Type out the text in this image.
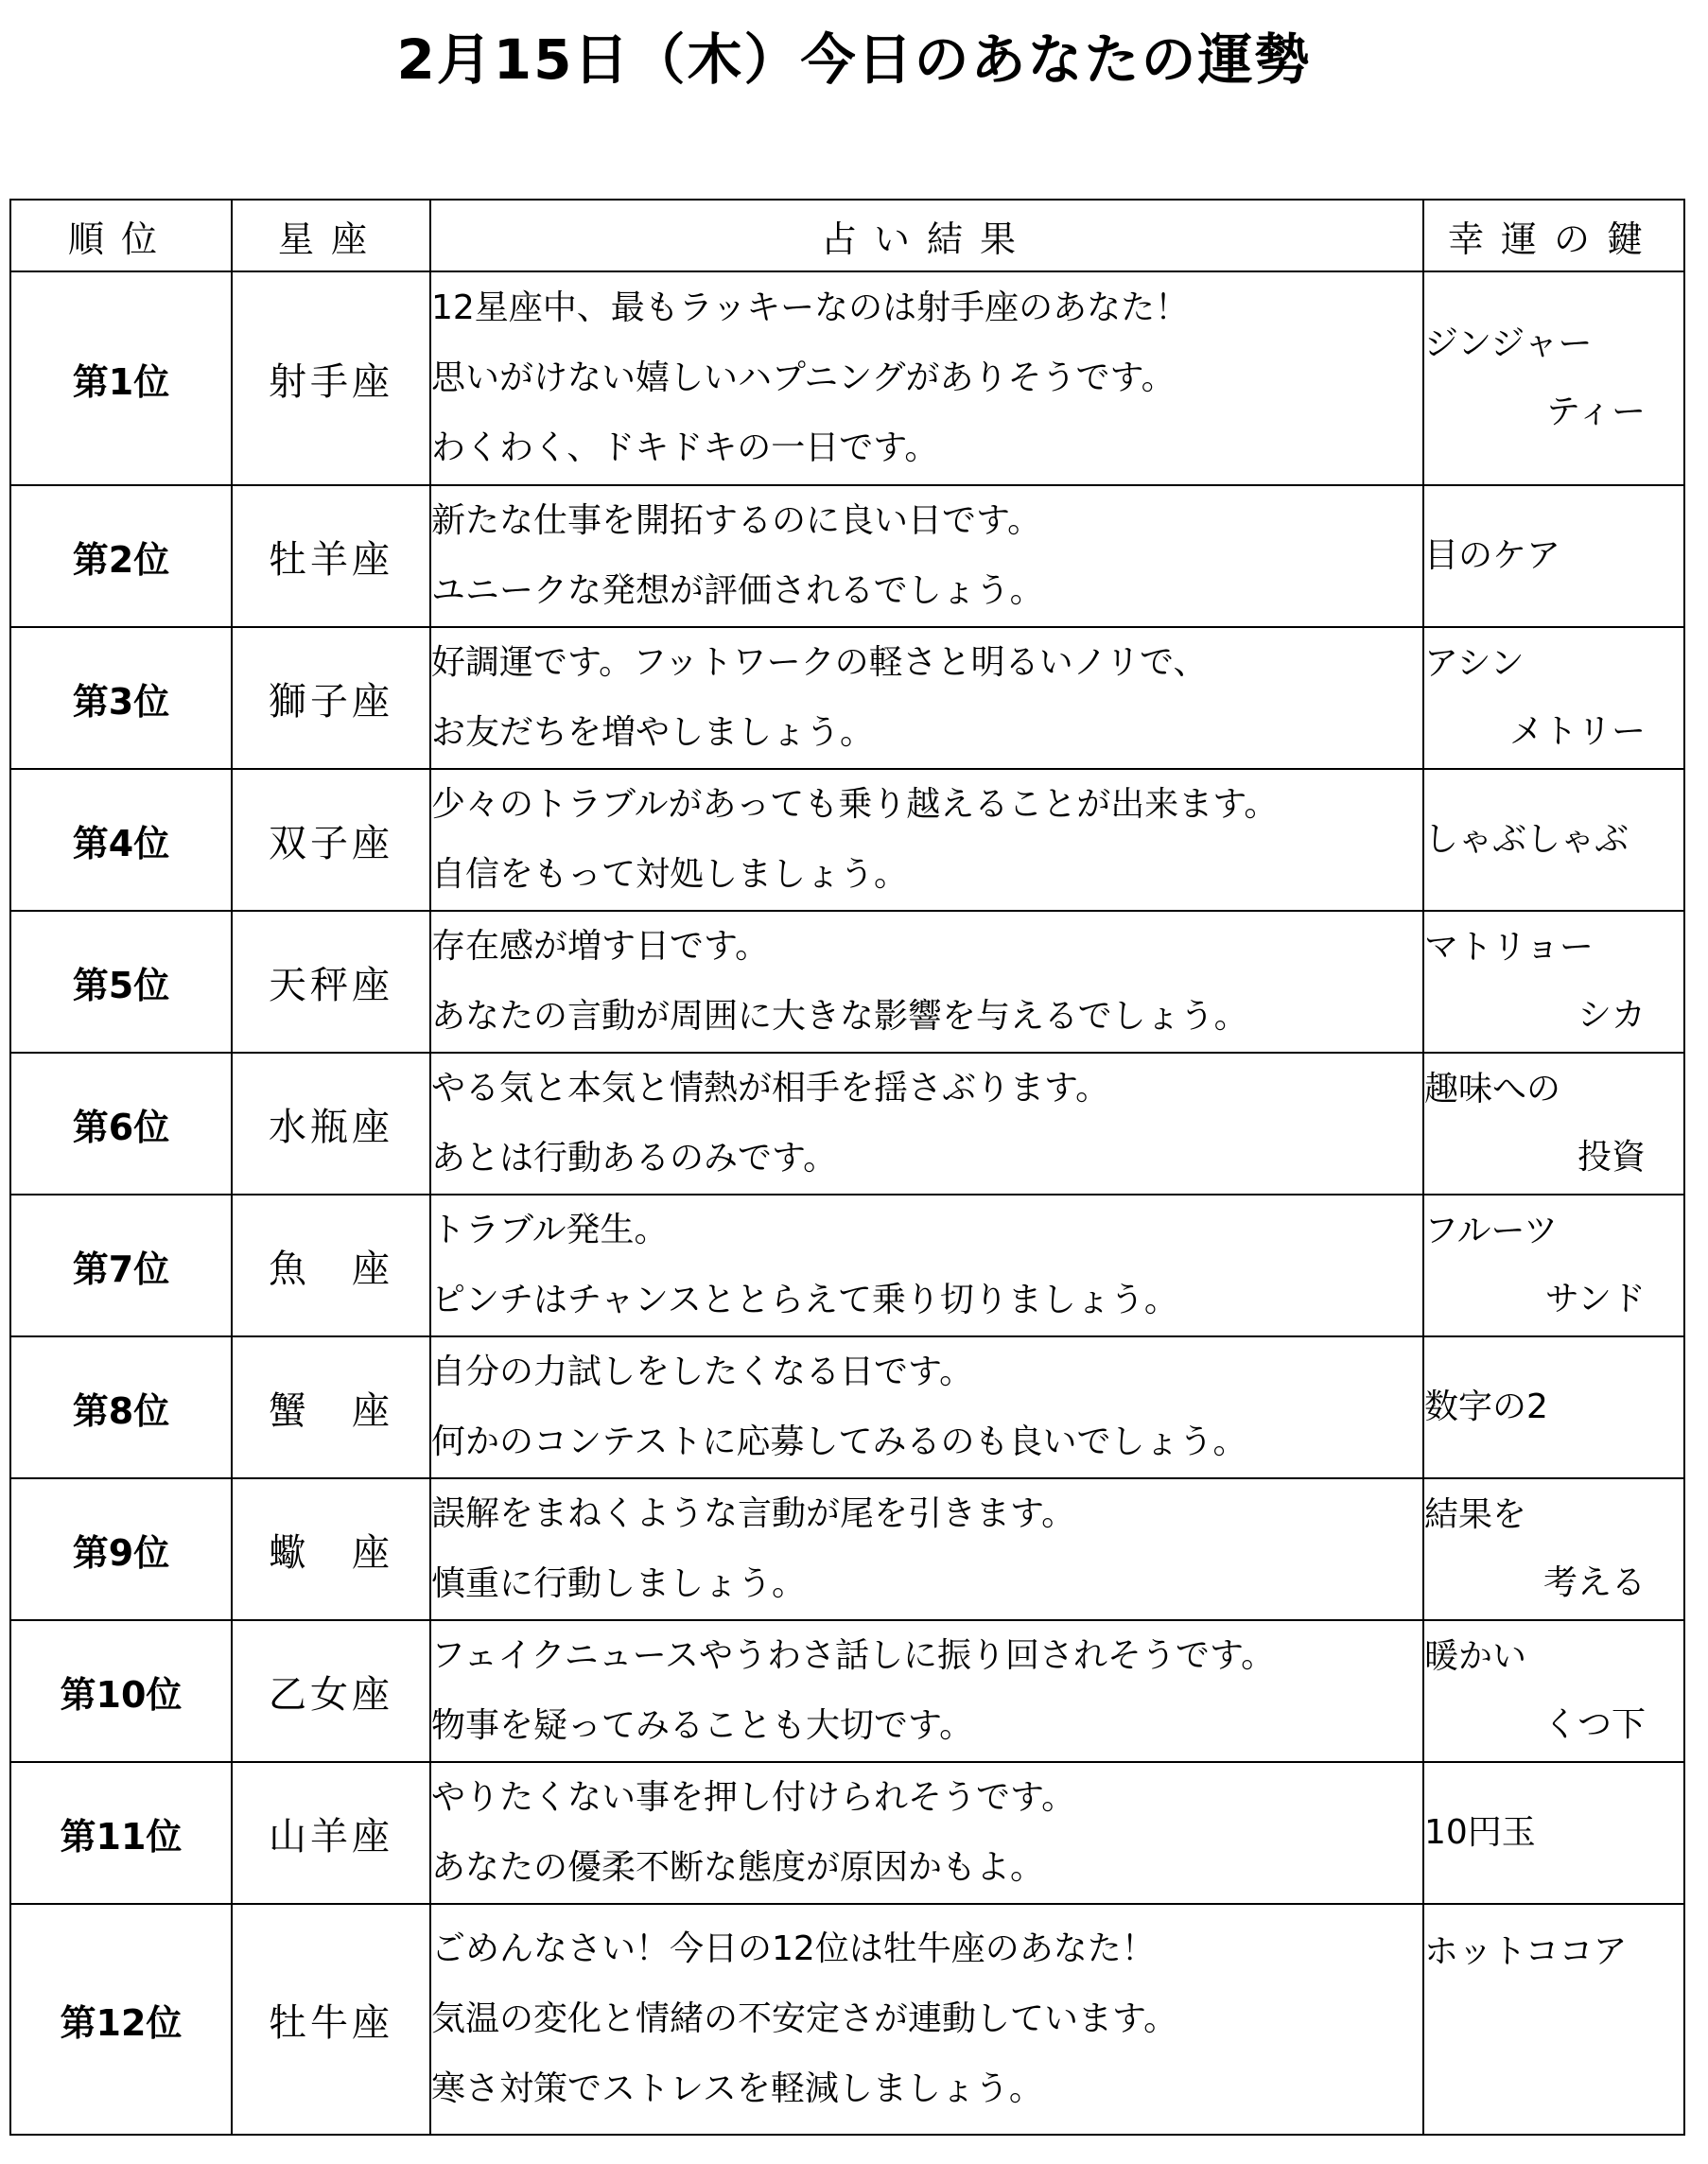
2月15日（木）今日のあなたの運勢
順位	星座	占い結果	幸運の鍵
第1位	射手座	12星座中、最もラッキーなのは射手座のあなた！
思いがけない嬉しいハプニングがありそうです。
わくわく、ドキドキの一日です。	ジンジャー
ティー

第2位	牡羊座	新たな仕事を開拓するのに良い日です。
ユニークな発想が評価されるでしょう。	目のケア

第3位	獅子座	好調運です。フットワークの軽さと明るいノリで、
お友だちを増やしましょう。	アシン
メトリー

第4位	双子座	少々のトラブルがあっても乗り越えることが出来ます。
自信をもって対処しましょう。	しゃぶしゃぶ

第5位	天秤座	存在感が増す日です。
あなたの言動が周囲に大きな影響を与えるでしょう。	マトリョー
シカ

第6位	水瓶座	やる気と本気と情熱が相手を揺さぶります。
あとは行動あるのみです。	趣味への
投資

第7位	魚　座	トラブル発生。
ピンチはチャンスととらえて乗り切りましょう。	フルーツ
サンド

第8位	蟹　座	自分の力試しをしたくなる日です。
何かのコンテストに応募してみるのも良いでしょう。	数字の2

第9位	蠍　座	誤解をまねくような言動が尾を引きます。
慎重に行動しましょう。	結果を
考える

第10位	乙女座	フェイクニュースやうわさ話しに振り回されそうです。
物事を疑ってみることも大切です。	暖かい
くつ下

第11位	山羊座	やりたくない事を押し付けられそうです。
あなたの優柔不断な態度が原因かもよ。	10円玉

第12位	牡牛座	ごめんなさい！今日の12位は牡牛座のあなた！
気温の変化と情緒の不安定さが連動しています。
寒さ対策でストレスを軽減しましょう。	ホットココア
